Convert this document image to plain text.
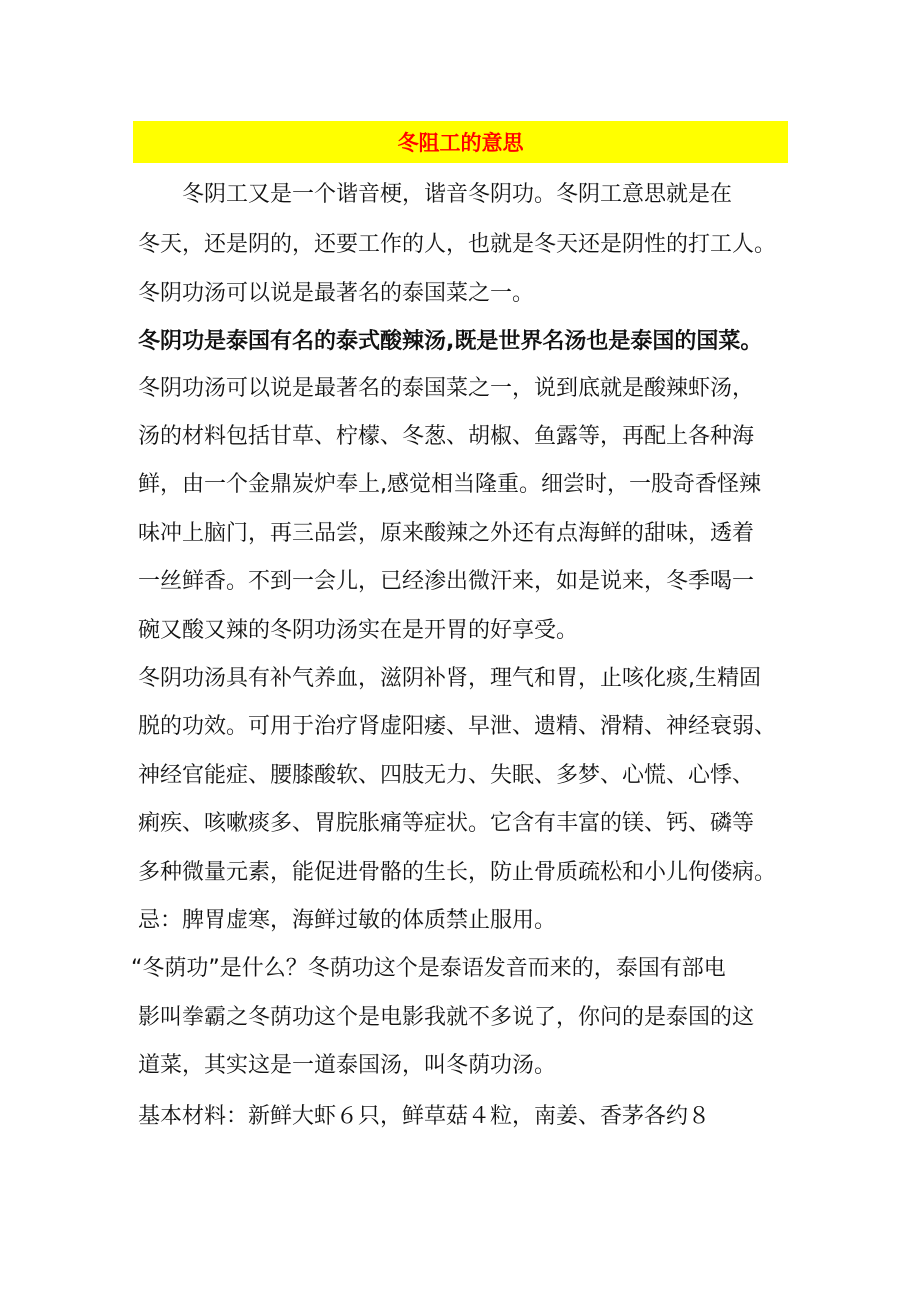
冬阻工的意思
冬阴工又是一个谐音梗，谐音冬阴功。冬阴工意思就是在
冬天，还是阴的，还要工作的人，也就是冬天还是阴性的打工人。
冬阴功汤可以说是最著名的泰国菜之一。
冬阴功是泰国有名的泰式酸辣汤,既是世界名汤也是泰国的国菜。
冬阴功汤可以说是最著名的泰国菜之一，说到底就是酸辣虾汤，
汤的材料包括甘草、柠檬、冬葱、胡椒、鱼露等，再配上各种海
鲜，由一个金鼎炭炉奉上,感觉相当隆重。细尝时，一股奇香怪辣
味冲上脑门，再三品尝，原来酸辣之外还有点海鲜的甜味，透着
一丝鲜香。不到一会儿，已经渗出微汗来，如是说来，冬季喝一
碗又酸又辣的冬阴功汤实在是开胃的好享受。
冬阴功汤具有补气养血，滋阴补肾，理气和胃，止咳化痰,生精固
脱的功效。可用于治疗肾虚阳痿、早泄、遗精、滑精、神经衰弱、
神经官能症、腰膝酸软、四肢无力、失眠、多梦、心慌、心悸、
痢疾、咳嗽痰多、胃脘胀痛等症状。它含有丰富的镁、钙、磷等
多种微量元素，能促进骨骼的生长，防止骨质疏松和小儿佝偻病。
忌：脾胃虚寒，海鲜过敏的体质禁止服用。
“冬荫功”是什么？冬荫功这个是泰语发音而来的，泰国有部电
影叫拳霸之冬荫功这个是电影我就不多说了，你问的是泰国的这
道菜，其实这是一道泰国汤，叫冬荫功汤。
基本材料：新鲜大虾６只，鲜草菇４粒，南姜、香茅各约８
